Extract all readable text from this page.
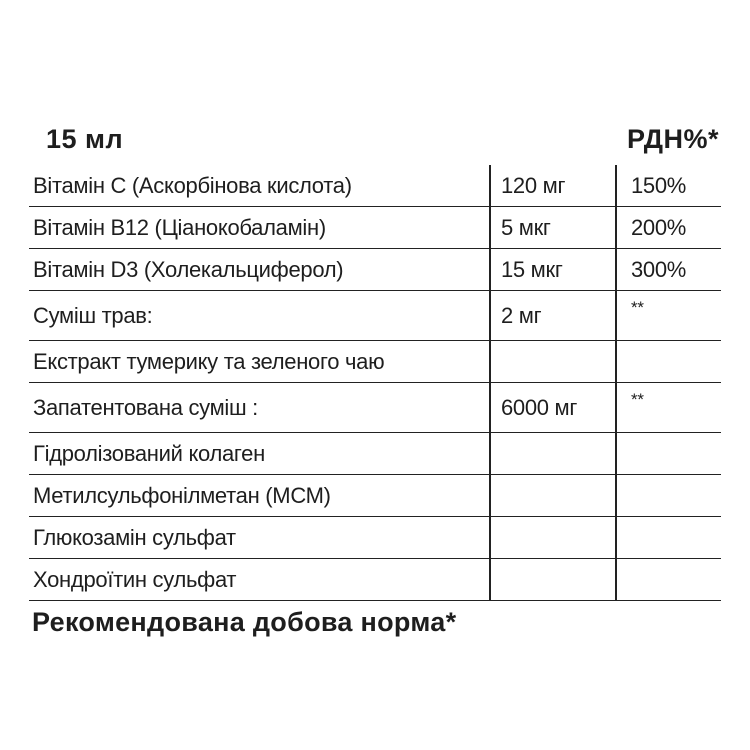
15 мл	РДН%*
Вітамін С (Аскорбінова кислота)	120 мг	150%
Вітамін В12 (Ціанокобаламін)	5 мкг	200%
Вітамін D3 (Холекальциферол)	15 мкг	300%
Суміш трав:	2 мг	**
Екстракт тумерику та зеленого чаю		
Запатентована суміш :	6000 мг	**
Гідролізований колаген		
Метилсульфонілметан (МСМ)		
Глюкозамін сульфат		
Хондроїтин сульфат		
Рекомендована добова норма*
